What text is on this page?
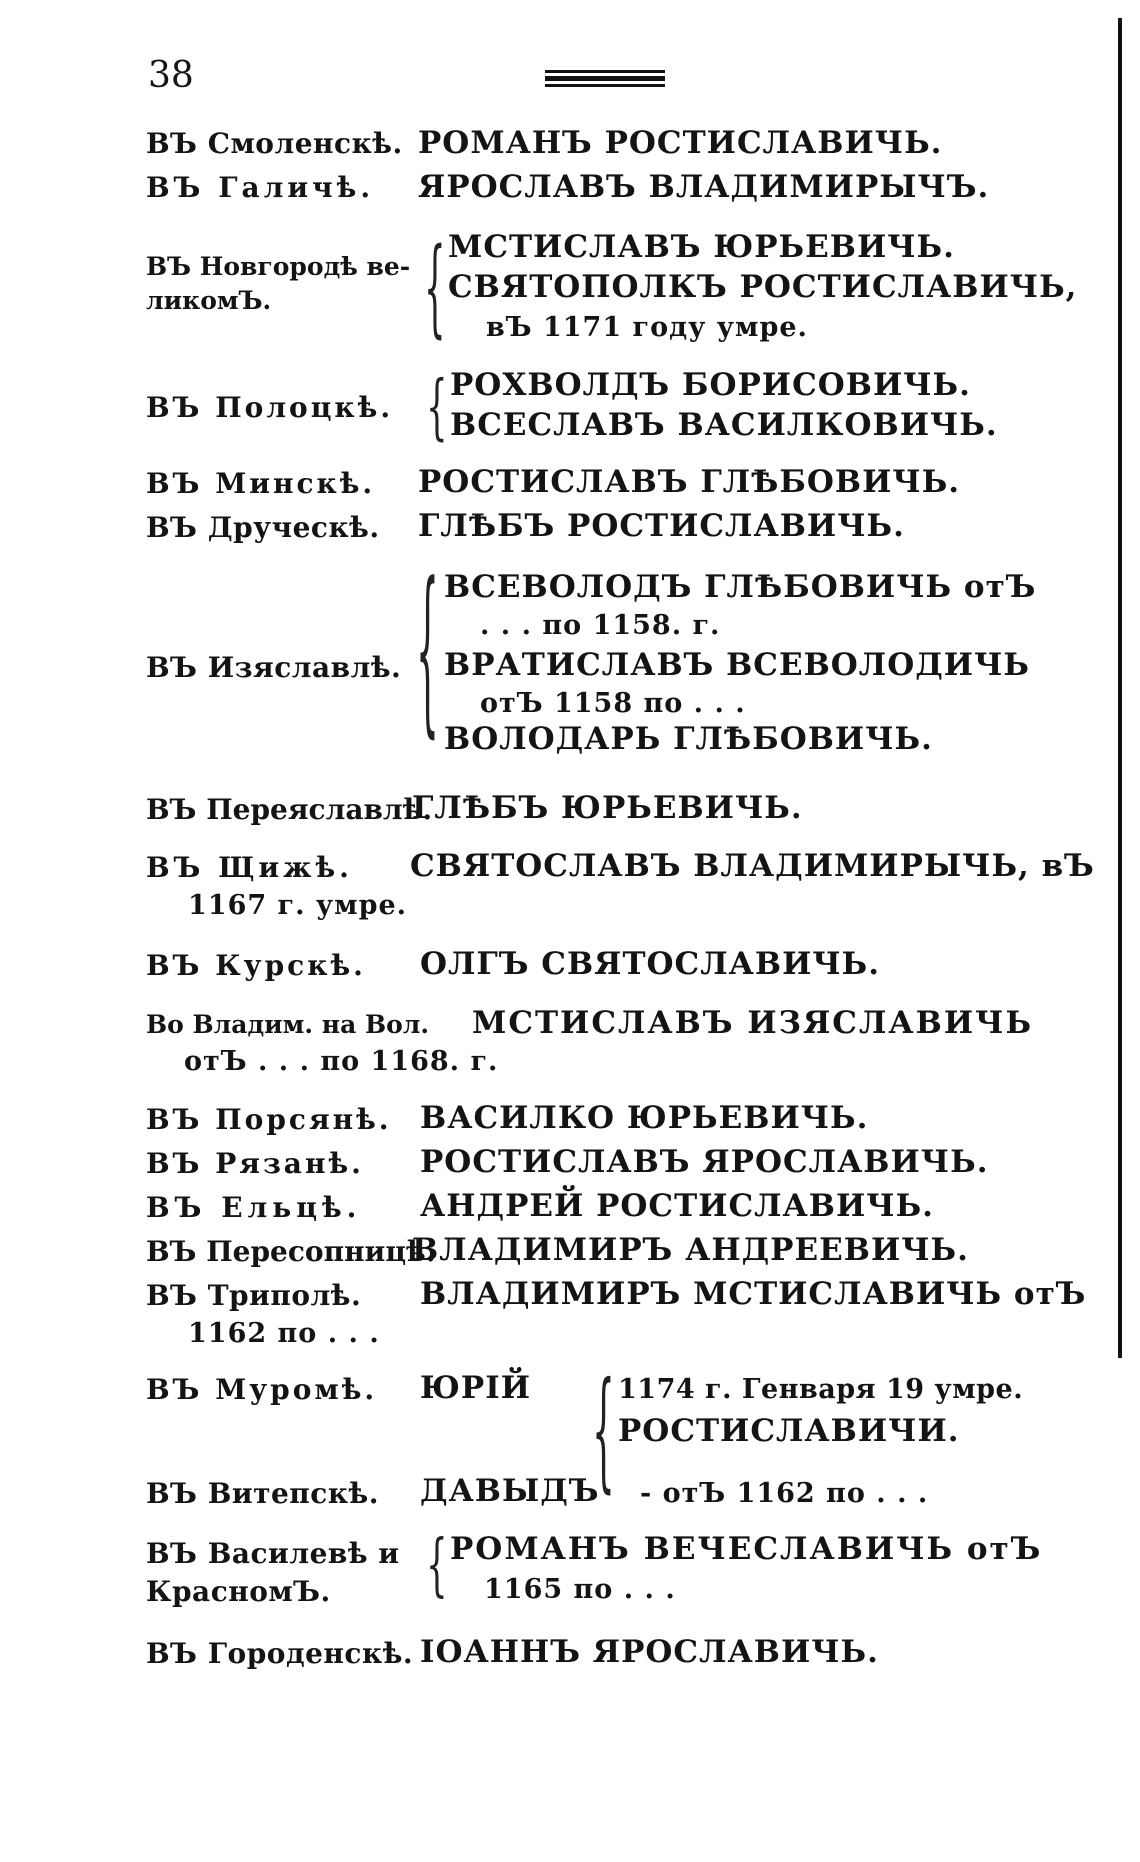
38
ВЪ Смоленскѣ. РОМАНЪ РОСТИСЛАВИЧЬ.
ВЪ Галичѣ. ЯРОСЛАВЪ ВЛАДИМИРЫЧЪ.
ВЪ Новгородѣ ве-
ликомЪ.	{ МСТИСЛАВЪ ЮРЬЕВИЧЬ.
СВЯТОПОЛКЪ РОСТИСЛАВИЧЬ,
вЪ 1171 году умре.
ВЪ Полоцкѣ. { РОХВОЛДЪ БОРИСОВИЧЬ.
ВСЕСЛАВЪ ВАСИЛКОВИЧЬ.
ВЪ Минскѣ. РОСТИСЛАВЪ ГЛѢБОВИЧЬ.
ВЪ Друческѣ. ГЛѢБЪ РОСТИСЛАВИЧЬ.
ВЪ Изяславлѣ. { ВСЕВОЛОДЪ ГЛѢБОВИЧЬ отЪ
. . . по 1158. г.
ВРАТИСЛАВЪ ВСЕВОЛОДИЧЬ
отЪ 1158 по . . .
ВОЛОДАРЬ ГЛѢБОВИЧЬ.
ВЪ Переяславлѣ.
ГЛѢБЪ ЮРЬЕВИЧЬ.
ВЪ Щижѣ. СВЯТОСЛАВЪ ВЛАДИМИРЫЧЬ, вЪ
1167 г. умре.
ВЪ Курскѣ. ОЛГЪ СВЯТОСЛАВИЧЬ.
Во Владим. на Вол. МСТИСЛАВЪ ИЗЯСЛАВИЧЬ
отЪ . . . по 1168. г.
ВЪ Порсянѣ. ВАСИЛКО ЮРЬЕВИЧЬ.
ВЪ Рязанѣ. РОСТИСЛАВЪ ЯРОСЛАВИЧЬ.
ВЪ Ельцѣ. АНДРЕЙ РОСТИСЛАВИЧЬ.
ВЪ Пересопницѣ.
ВЛАДИМИРЪ АНДРЕЕВИЧЬ.
ВЪ Триполѣ. ВЛАДИМИРЪ МСТИСЛАВИЧЬ отЪ
1162 по . . .
ВЪ Муромѣ. ЮРІЙ { 1174 г. Генваря 19 умре.
РОСТИСЛАВИЧИ.
ВЪ Витепскѣ. ДАВЫДЪ - отЪ 1162 по . . .
ВЪ Василевѣ и
КрасномЪ.	{ РОМАНЪ ВЕЧЕСЛАВИЧЬ отЪ
1165 по . . .
ВЪ Городенскѣ. ІОАННЪ ЯРОСЛАВИЧЬ.
